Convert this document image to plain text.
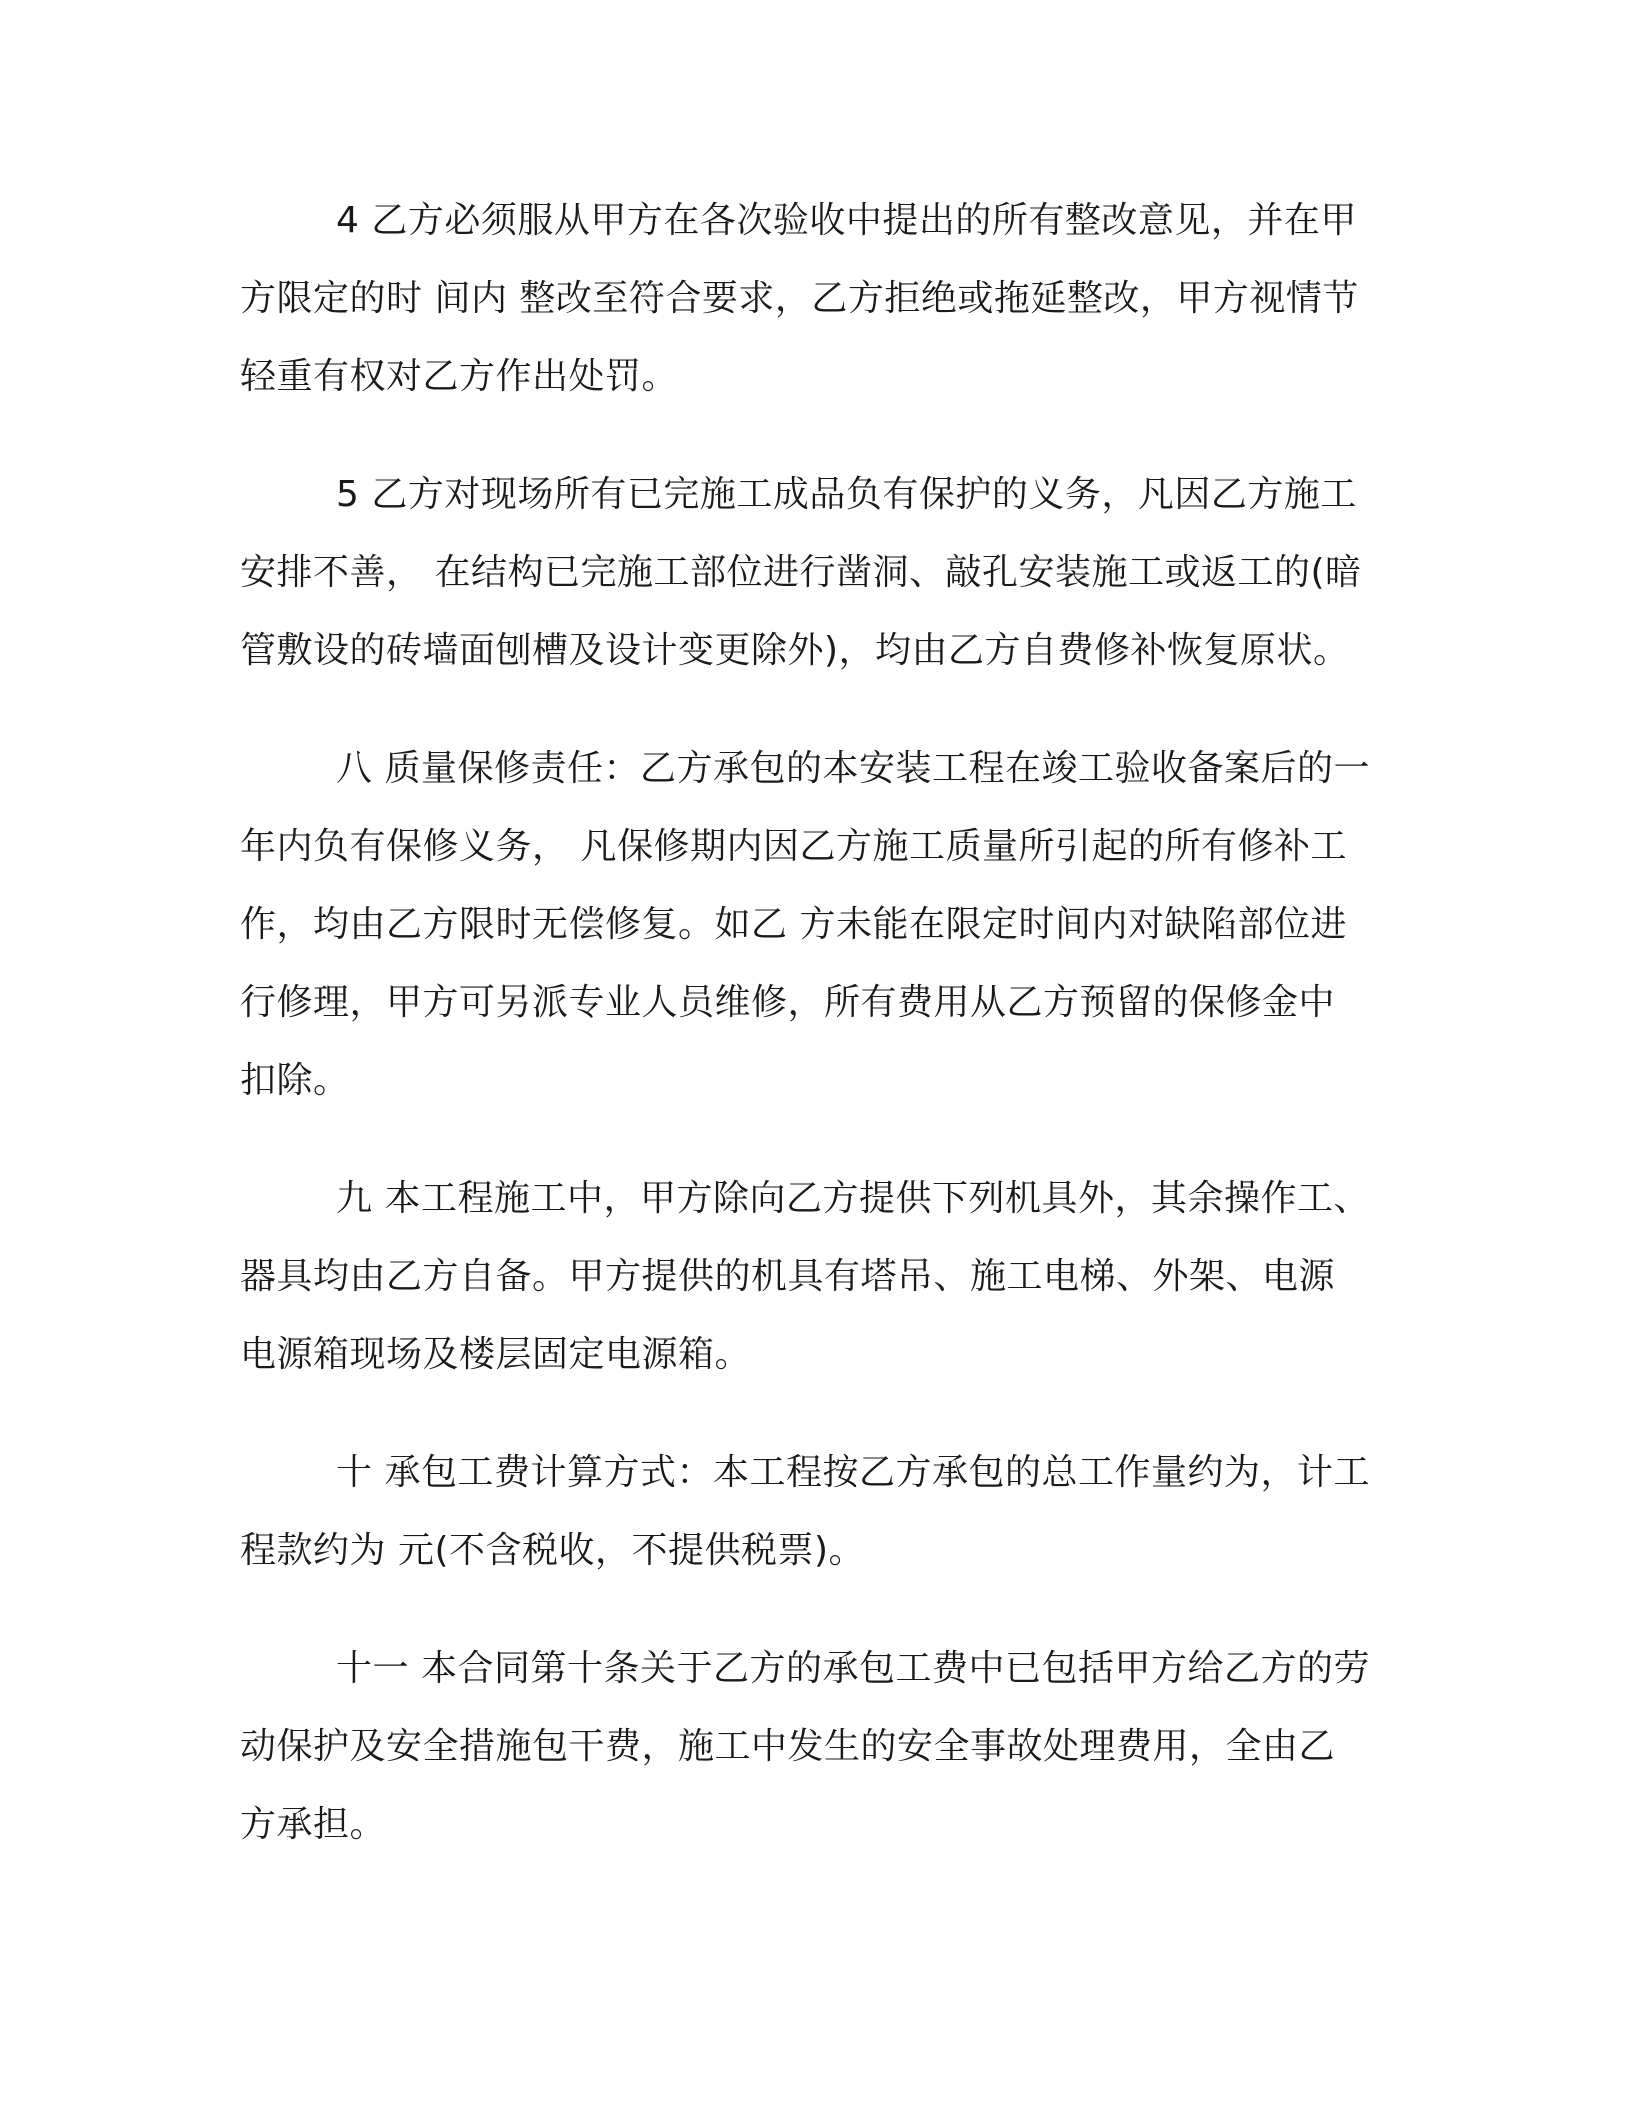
4 乙方必须服从甲方在各次验收中提出的所有整改意见，并在甲
方限定的时 间内 整改至符合要求，乙方拒绝或拖延整改，甲方视情节
轻重有权对乙方作出处罚。

5 乙方对现场所有已完施工成品负有保护的义务，凡因乙方施工
安排不善， 在结构已完施工部位进行凿洞、敲孔安装施工或返工的(暗
管敷设的砖墙面刨槽及设计变更除外)，均由乙方自费修补恢复原状。

八 质量保修责任：乙方承包的本安装工程在竣工验收备案后的一
年内负有保修义务， 凡保修期内因乙方施工质量所引起的所有修补工
作，均由乙方限时无偿修复。如乙 方未能在限定时间内对缺陷部位进
行修理，甲方可另派专业人员维修，所有费用从乙方预留的保修金中
扣除。

九 本工程施工中，甲方除向乙方提供下列机具外，其余操作工、
器具均由乙方自备。甲方提供的机具有塔吊、施工电梯、外架、电源
电源箱现场及楼层固定电源箱。

十 承包工费计算方式：本工程按乙方承包的总工作量约为，计工
程款约为 元(不含税收，不提供税票)。

十一 本合同第十条关于乙方的承包工费中已包括甲方给乙方的劳
动保护及安全措施包干费，施工中发生的安全事故处理费用，全由乙
方承担。
